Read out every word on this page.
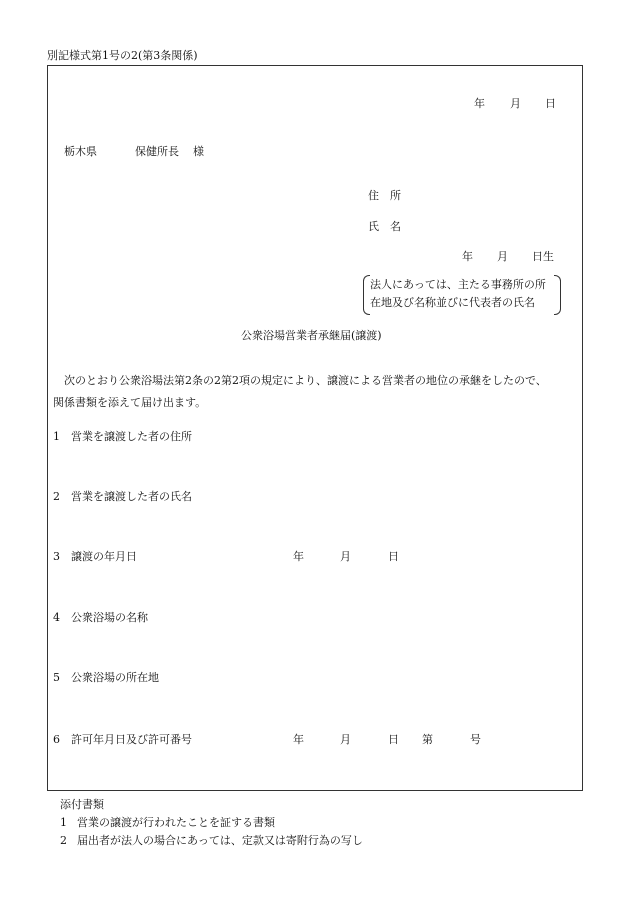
別記様式第1号の2(第3条関係)
年 月 日
栃木県	保健所長 様
住　所
氏　名
年 月 日生
法人にあっては、主たる事務所の所
在地及び名称並びに代表者の氏名
公衆浴場営業者承継届(譲渡)
次のとおり公衆浴場法第2条の2第2項の規定により、譲渡による営業者の地位の承継をしたので、
関係書類を添えて届け出ます。
1 営業を譲渡した者の住所
2 営業を譲渡した者の氏名
3 譲渡の年月日	年	月	日
4 公衆浴場の名称
5 公衆浴場の所在地
6 許可年月日及び許可番号	年	月	日 第	号
添付書類
1 営業の譲渡が行われたことを証する書類
2 届出者が法人の場合にあっては、定款又は寄附行為の写し
